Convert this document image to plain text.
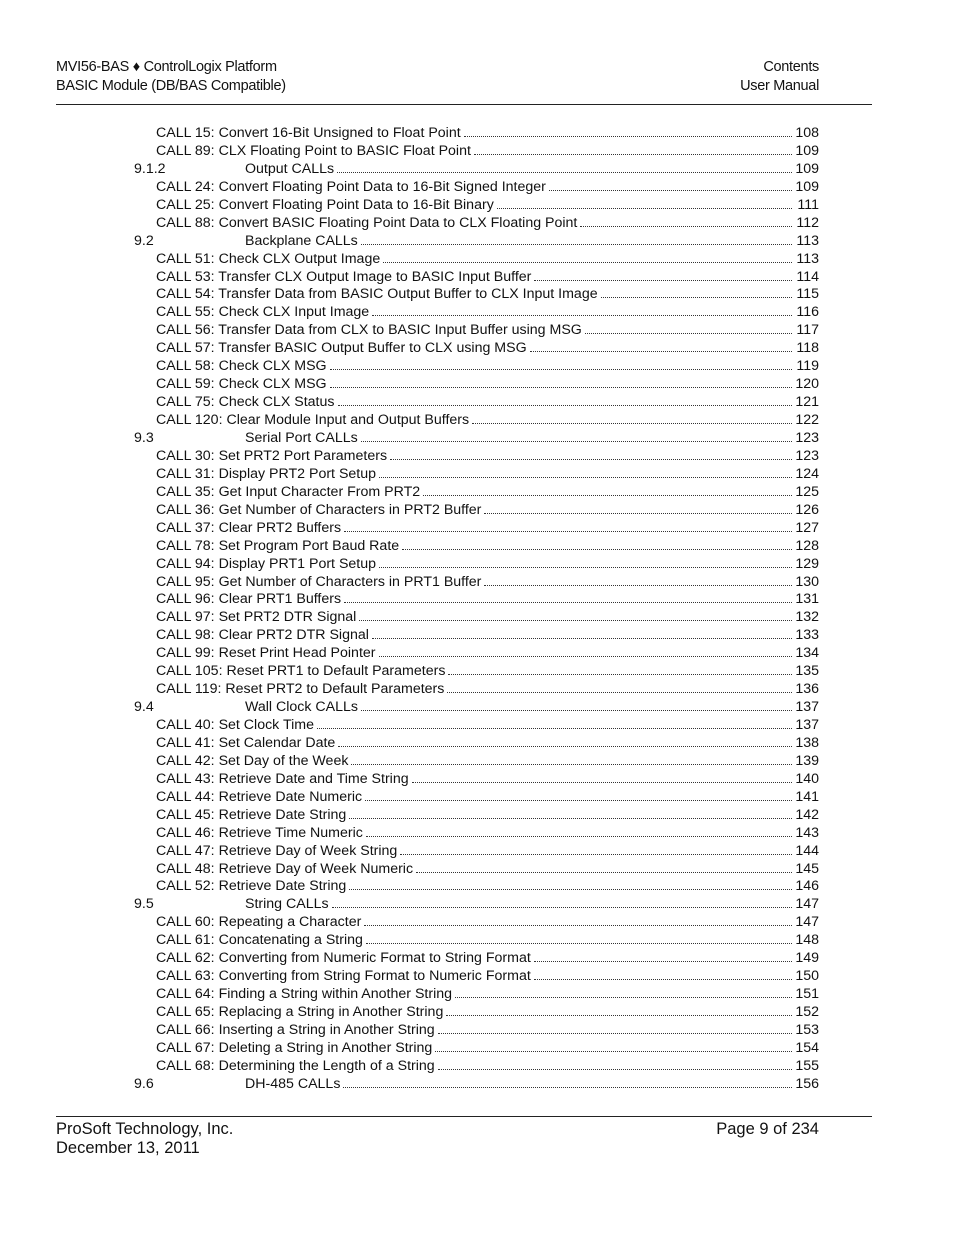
MVI56-BAS ♦ ControlLogix Platform
BASIC Module (DB/BAS Compatible)
Contents
User Manual
CALL 15: Convert 16-Bit Unsigned to Float Point	108
CALL 89: CLX Floating Point to BASIC Float Point	109
9.1.2	Output CALLs	109
CALL 24: Convert Floating Point Data to 16-Bit Signed Integer	109
CALL 25: Convert Floating Point Data to 16-Bit Binary	111
CALL 88: Convert BASIC Floating Point Data to CLX Floating Point	112
9.2	Backplane CALLs	113
CALL 51: Check CLX Output Image	113
CALL 53: Transfer CLX Output Image to BASIC Input Buffer	114
CALL 54: Transfer Data from BASIC Output Buffer to CLX Input Image	115
CALL 55: Check CLX Input Image	116
CALL 56: Transfer Data from CLX to BASIC Input Buffer using MSG	117
CALL 57: Transfer BASIC Output Buffer to CLX using MSG	118
CALL 58: Check CLX MSG	119
CALL 59: Check CLX MSG	120
CALL 75: Check CLX Status	121
CALL 120: Clear Module Input and Output Buffers	122
9.3	Serial Port CALLs	123
CALL 30: Set PRT2 Port Parameters	123
CALL 31: Display PRT2 Port Setup	124
CALL 35: Get Input Character From PRT2	125
CALL 36: Get Number of Characters in PRT2 Buffer	126
CALL 37: Clear PRT2 Buffers	127
CALL 78: Set Program Port Baud Rate	128
CALL 94: Display PRT1 Port Setup	129
CALL 95: Get Number of Characters in PRT1 Buffer	130
CALL 96: Clear PRT1 Buffers	131
CALL 97: Set PRT2 DTR Signal	132
CALL 98: Clear PRT2 DTR Signal	133
CALL 99: Reset Print Head Pointer	134
CALL 105: Reset PRT1 to Default Parameters	135
CALL 119: Reset PRT2 to Default Parameters	136
9.4	Wall Clock CALLs	137
CALL 40: Set Clock Time	137
CALL 41: Set Calendar Date	138
CALL 42: Set Day of the Week	139
CALL 43: Retrieve Date and Time String	140
CALL 44: Retrieve Date Numeric	141
CALL 45: Retrieve Date String	142
CALL 46: Retrieve Time Numeric	143
CALL 47: Retrieve Day of Week String	144
CALL 48: Retrieve Day of Week Numeric	145
CALL 52: Retrieve Date String	146
9.5	String CALLs	147
CALL 60: Repeating a Character	147
CALL 61: Concatenating a String	148
CALL 62: Converting from Numeric Format to String Format	149
CALL 63: Converting from String Format to Numeric Format	150
CALL 64: Finding a String within Another String	151
CALL 65: Replacing a String in Another String	152
CALL 66: Inserting a String in Another String	153
CALL 67: Deleting a String in Another String	154
CALL 68: Determining the Length of a String	155
9.6	DH-485 CALLs	156
ProSoft Technology, Inc.
December 13, 2011
Page 9 of 234
